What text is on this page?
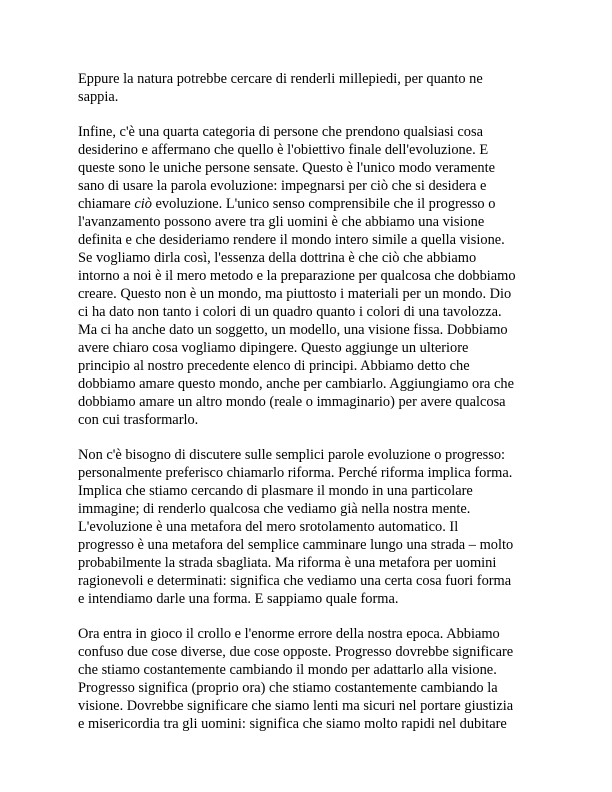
Eppure la natura potrebbe cercare di renderli millepiedi, per quanto ne
sappia.

Infine, c'è una quarta categoria di persone che prendono qualsiasi cosa
desiderino e affermano che quello è l'obiettivo finale dell'evoluzione. E
queste sono le uniche persone sensate. Questo è l'unico modo veramente
sano di usare la parola evoluzione: impegnarsi per ciò che si desidera e
chiamare ciò evoluzione. L'unico senso comprensibile che il progresso o
l'avanzamento possono avere tra gli uomini è che abbiamo una visione
definita e che desideriamo rendere il mondo intero simile a quella visione.
Se vogliamo dirla così, l'essenza della dottrina è che ciò che abbiamo
intorno a noi è il mero metodo e la preparazione per qualcosa che dobbiamo
creare. Questo non è un mondo, ma piuttosto i materiali per un mondo. Dio
ci ha dato non tanto i colori di un quadro quanto i colori di una tavolozza.
Ma ci ha anche dato un soggetto, un modello, una visione fissa. Dobbiamo
avere chiaro cosa vogliamo dipingere. Questo aggiunge un ulteriore
principio al nostro precedente elenco di principi. Abbiamo detto che
dobbiamo amare questo mondo, anche per cambiarlo. Aggiungiamo ora che
dobbiamo amare un altro mondo (reale o immaginario) per avere qualcosa
con cui trasformarlo.

Non c'è bisogno di discutere sulle semplici parole evoluzione o progresso:
personalmente preferisco chiamarlo riforma. Perché riforma implica forma.
Implica che stiamo cercando di plasmare il mondo in una particolare
immagine; di renderlo qualcosa che vediamo già nella nostra mente.
L'evoluzione è una metafora del mero srotolamento automatico. Il
progresso è una metafora del semplice camminare lungo una strada – molto
probabilmente la strada sbagliata. Ma riforma è una metafora per uomini
ragionevoli e determinati: significa che vediamo una certa cosa fuori forma
e intendiamo darle una forma. E sappiamo quale forma.

Ora entra in gioco il crollo e l'enorme errore della nostra epoca. Abbiamo
confuso due cose diverse, due cose opposte. Progresso dovrebbe significare
che stiamo costantemente cambiando il mondo per adattarlo alla visione.
Progresso significa (proprio ora) che stiamo costantemente cambiando la
visione. Dovrebbe significare che siamo lenti ma sicuri nel portare giustizia
e misericordia tra gli uomini: significa che siamo molto rapidi nel dubitare
